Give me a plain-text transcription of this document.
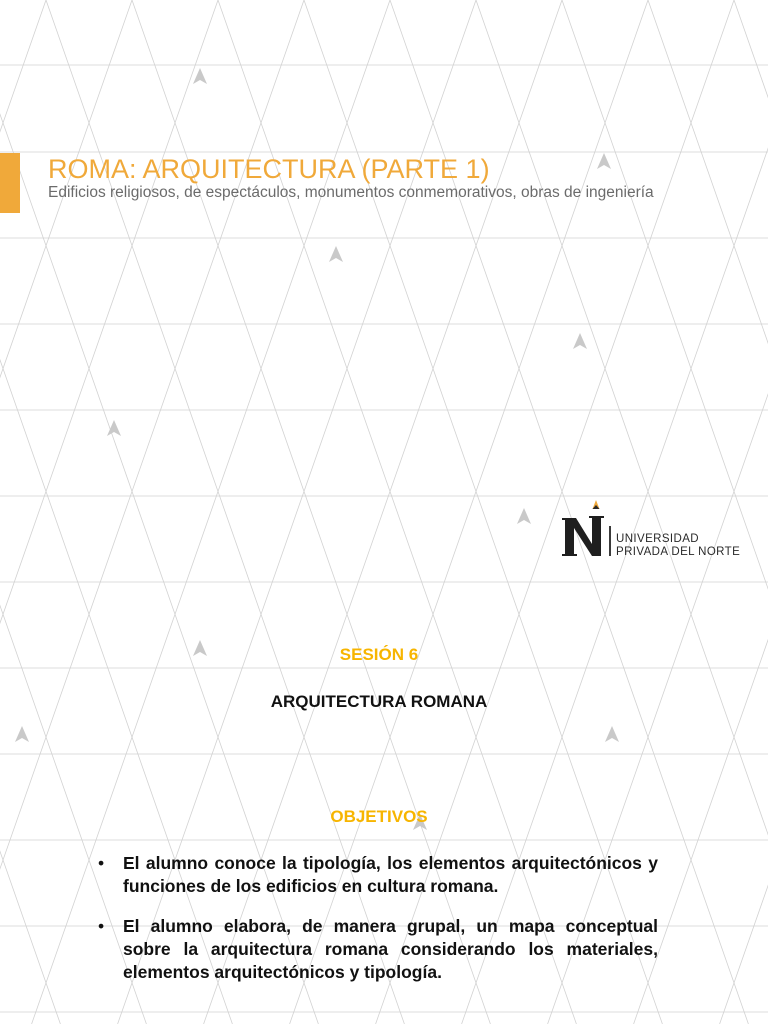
ROMA: ARQUITECTURA (PARTE 1)

Edificios religiosos, de espectáculos, monumentos conmemorativos, obras de ingeniería

UNIVERSIDAD
PRIVADA DEL NORTE
SESIÓN 6
ARQUITECTURA ROMANA
OBJETIVOS
• El alumno conoce la tipología, los elementos arquitectónicos y funciones de los edificios en cultura romana.
• El alumno elabora, de manera grupal, un mapa conceptual sobre la arquitectura romana considerando los materiales, elementos arquitectónicos y tipología.
